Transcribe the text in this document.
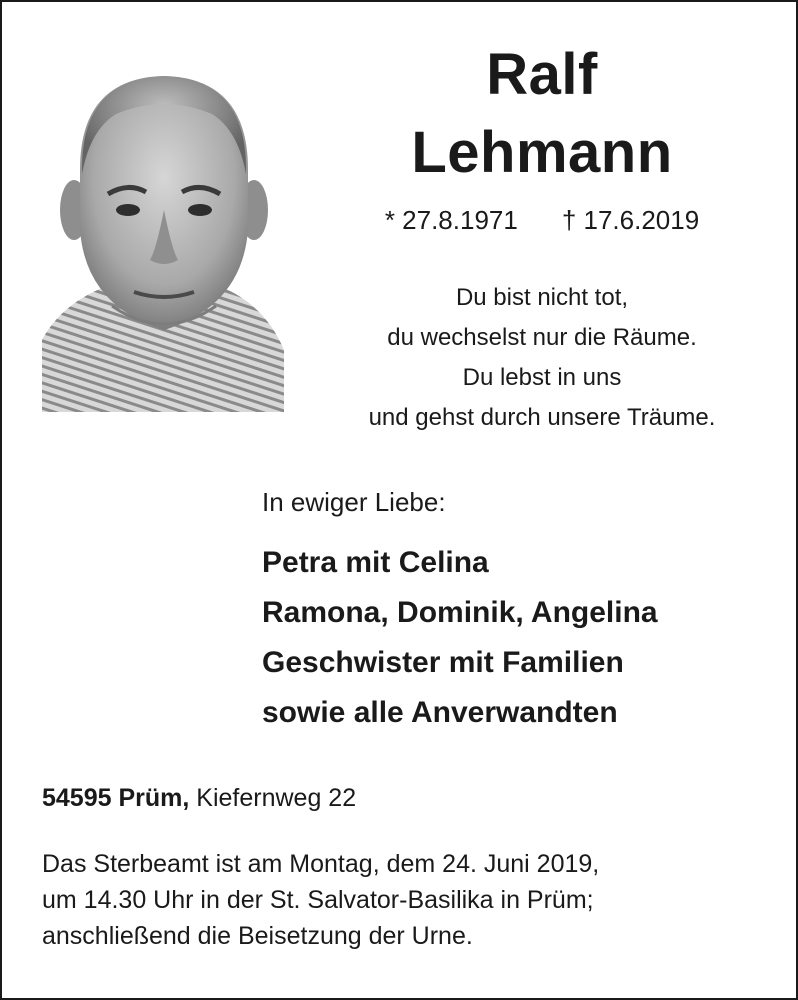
Ralf
Lehmann
* 27.8.1971 † 17.6.2019
Du bist nicht tot,
du wechselst nur die Räume.
Du lebst in uns
und gehst durch unsere Träume.
In ewiger Liebe:
Petra mit Celina
Ramona, Dominik, Angelina
Geschwister mit Familien
sowie alle Anverwandten
54595 Prüm, Kiefernweg 22
Das Sterbeamt ist am Montag, dem 24. Juni 2019,
um 14.30 Uhr in der St. Salvator-Basilika in Prüm;
anschließend die Beisetzung der Urne.
